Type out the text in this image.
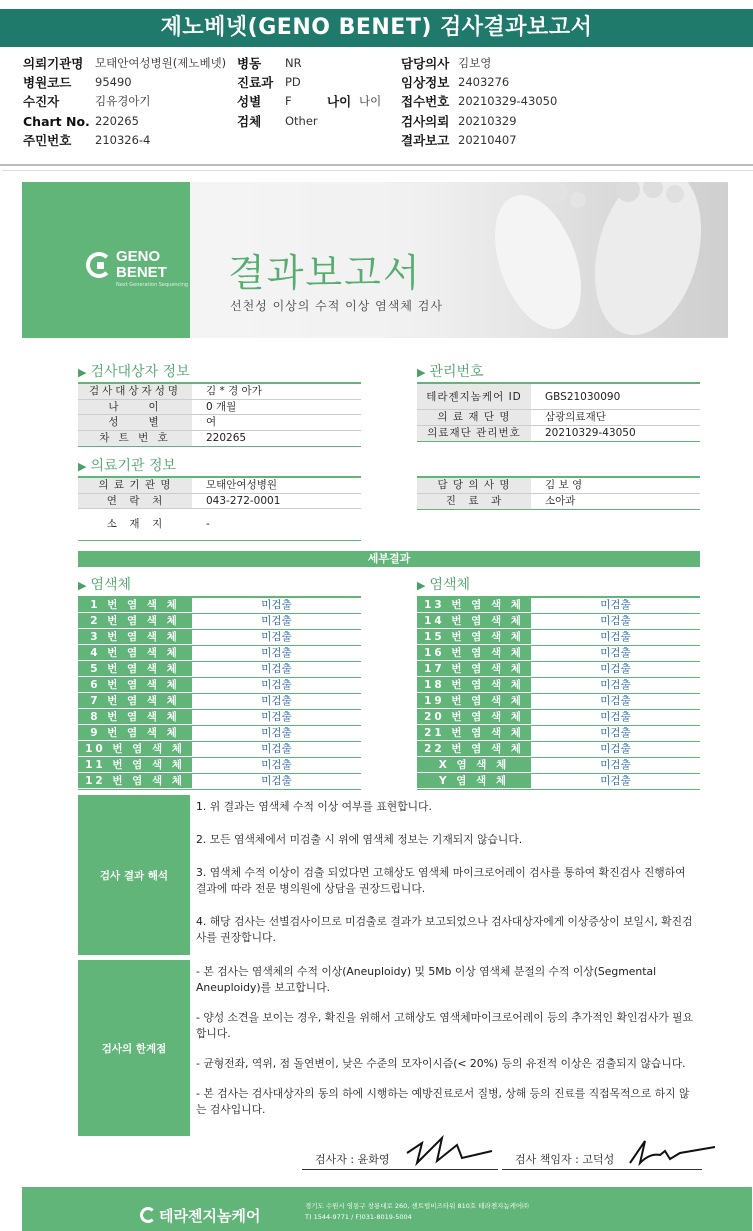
제노베넷(GENO BENET) 검사결과보고서
의뢰기관명 모태안여성병원(제노베넷) 병동 NR	담당의사 김보영
병원코드 95490	진료과 PD	임상정보 2403276
수진자	김유경아기	성별 F	나이 나이 접수번호 20210329-43050
Chart No. 220265	검체 Other	검사의뢰 20210329
주민번호 210326-4	결과보고 20210407
GENO
BENET
Next Generation Sequencing 결과보고서
선천성 이상의 수적 이상 염색체 검사
▶ 검사대상자 정보
검사대상자성명	김 * 경 아가
나　　이	0 개월
성　　별	여
차 트 번 호	220265
▶ 관리번호
테라젠지놈케어 ID	GBS21030090
의 료 재 단 명	삼광의료재단
의료재단 관리번호	20210329-43050
▶ 의료기관 정보
의 료 기 관 명	모태안여성병원
연　락　처	043-272-0001
소　재　지	-
담 당 의 사 명	김 보 영
진　료　과	소아과
세부결과
▶ 염색체	▶ 염색체
1 번 염 색 체	미검출
2 번 염 색 체	미검출
3 번 염 색 체	미검출
4 번 염 색 체	미검출
5 번 염 색 체	미검출
6 번 염 색 체	미검출
7 번 염 색 체	미검출
8 번 염 색 체	미검출
9 번 염 색 체	미검출
10 번 염 색 체	미검출
11 번 염 색 체	미검출
12 번 염 색 체	미검출
13 번 염 색 체	미검출
14 번 염 색 체	미검출
15 번 염 색 체	미검출
16 번 염 색 체	미검출
17 번 염 색 체	미검출
18 번 염 색 체	미검출
19 번 염 색 체	미검출
20 번 염 색 체	미검출
21 번 염 색 체	미검출
22 번 염 색 체	미검출
X 염 색 체	미검출
Y 염 색 체	미검출
검사 결과 해석

1. 위 결과는 염색체 수적 이상 여부를 표현합니다.

2. 모든 염색체에서 미검출 시 위에 염색체 정보는 기재되지 않습니다.

3. 염색체 수적 이상이 검출 되었다면 고해상도 염색체 마이크로어레이 검사를 통하여 확진검사 진행하여 결과에 따라 전문 병의원에 상담을 권장드립니다.

4. 해당 검사는 선별검사이므로 미검출로 결과가 보고되었으나 검사대상자에게 이상증상이 보일시, 확진검사를 권장합니다.

검사의 한계점

- 본 검사는 염색체의 수적 이상(Aneuploidy) 및 5Mb 이상 염색체 분절의 수적 이상(Segmental Aneuploidy)를 보고합니다.

- 양성 소견을 보이는 경우, 확진을 위해서 고해상도 염색체마이크로어레이 등의 추가적인 확인검사가 필요합니다.

- 균형전좌, 역위, 점 돌연변이, 낮은 수준의 모자이시즘(< 20%) 등의 유전적 이상은 검출되지 않습니다.

- 본 검사는 검사대상자의 동의 하에 시행하는 예방진료로서 질병, 상해 등의 진료를 직접목적으로 하지 않는 검사입니다.

검사자 : 윤화영	검사 책임자 : 고덕성
테라젠지놈케어
경기도 수원시 영통구 창룡대로 260, 센트럴비즈타워 810호 테라젠지놈케어㈜
T) 1544-9771 / F)031-8019-5004
